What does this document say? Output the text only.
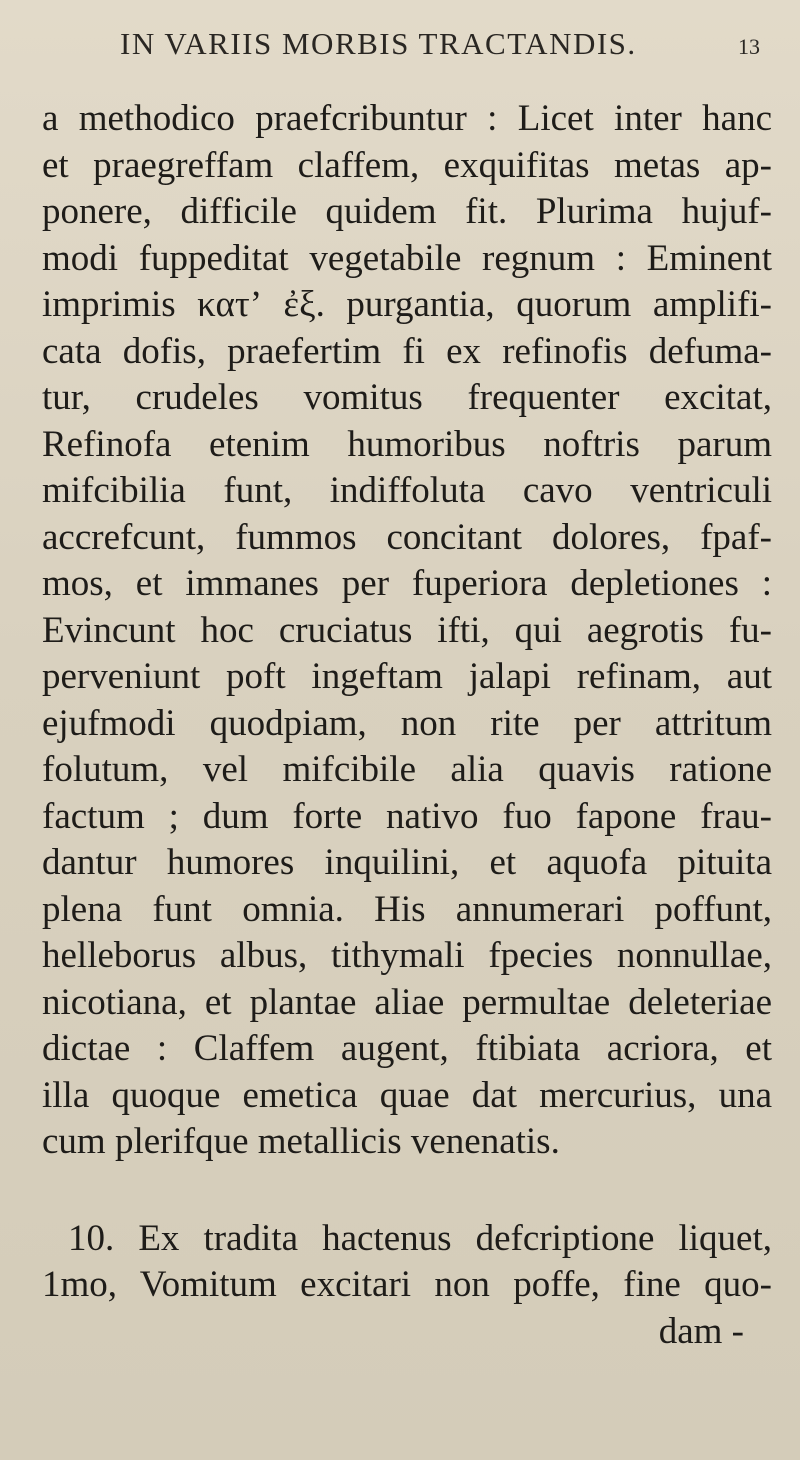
IN VARIIS MORBIS TRACTANDIS.	13
a methodico praefcribuntur : Licet inter hanc
et praegreffam claffem, exquifitas metas ap-
ponere, difficile quidem fit. Plurima hujuf-
modi fuppeditat vegetabile regnum : Eminent
imprimis κατʼ ἐξ. purgantia, quorum amplifi-
cata dofis, praefertim fi ex refinofis defuma-
tur, crudeles vomitus frequenter excitat,
Refinofa etenim humoribus noftris parum
mifcibilia funt, indiffoluta cavo ventriculi
accrefcunt, fummos concitant dolores, fpaf-
mos, et immanes per fuperiora depletiones :
Evincunt hoc cruciatus ifti, qui aegrotis fu-
perveniunt poft ingeftam jalapi refinam, aut
ejufmodi quodpiam, non rite per attritum
folutum, vel mifcibile alia quavis ratione
factum ; dum forte nativo fuo fapone frau-
dantur humores inquilini, et aquofa pituita
plena funt omnia. His annumerari poffunt,
helleborus albus, tithymali fpecies nonnullae,
nicotiana, et plantae aliae permultae deleteriae
dictae : Claffem augent, ftibiata acriora, et
illa quoque emetica quae dat mercurius, una
cum plerifque metallicis venenatis.
10. Ex tradita hactenus defcriptione liquet,
1mo, Vomitum excitari non poffe, fine quo-
dam -
